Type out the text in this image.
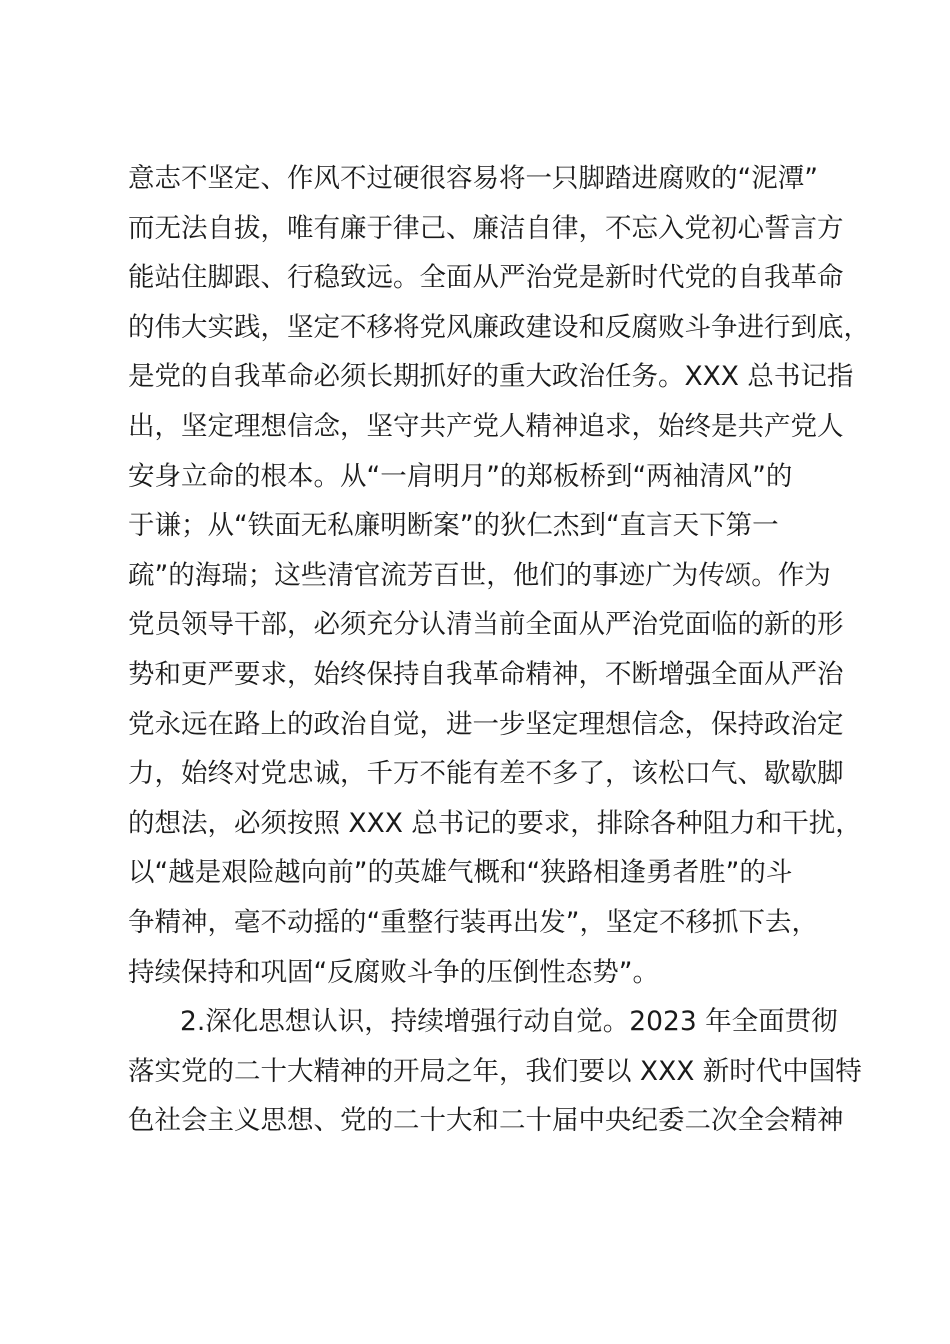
意志不坚定、作风不过硬很容易将一只脚踏进腐败的“泥潭”
而无法自拔，唯有廉于律己、廉洁自律，不忘入党初心誓言方
能站住脚跟、行稳致远。全面从严治党是新时代党的自我革命
的伟大实践，坚定不移将党风廉政建设和反腐败斗争进行到底，
是党的自我革命必须长期抓好的重大政治任务。XXX 总书记指
出，坚定理想信念，坚守共产党人精神追求，始终是共产党人
安身立命的根本。从“一肩明月”的郑板桥到“两袖清风”的
于谦；从“铁面无私廉明断案”的狄仁杰到“直言天下第一
疏”的海瑞；这些清官流芳百世，他们的事迹广为传颂。作为
党员领导干部，必须充分认清当前全面从严治党面临的新的形
势和更严要求，始终保持自我革命精神，不断增强全面从严治
党永远在路上的政治自觉，进一步坚定理想信念，保持政治定
力，始终对党忠诚，千万不能有差不多了，该松口气、歇歇脚
的想法，必须按照 XXX 总书记的要求，排除各种阻力和干扰，
以“越是艰险越向前”的英雄气概和“狭路相逢勇者胜”的斗
争精神，毫不动摇的“重整行装再出发”，坚定不移抓下去，
持续保持和巩固“反腐败斗争的压倒性态势”。
2.深化思想认识，持续增强行动自觉。2023 年全面贯彻
落实党的二十大精神的开局之年，我们要以 XXX 新时代中国特
色社会主义思想、党的二十大和二十届中央纪委二次全会精神
